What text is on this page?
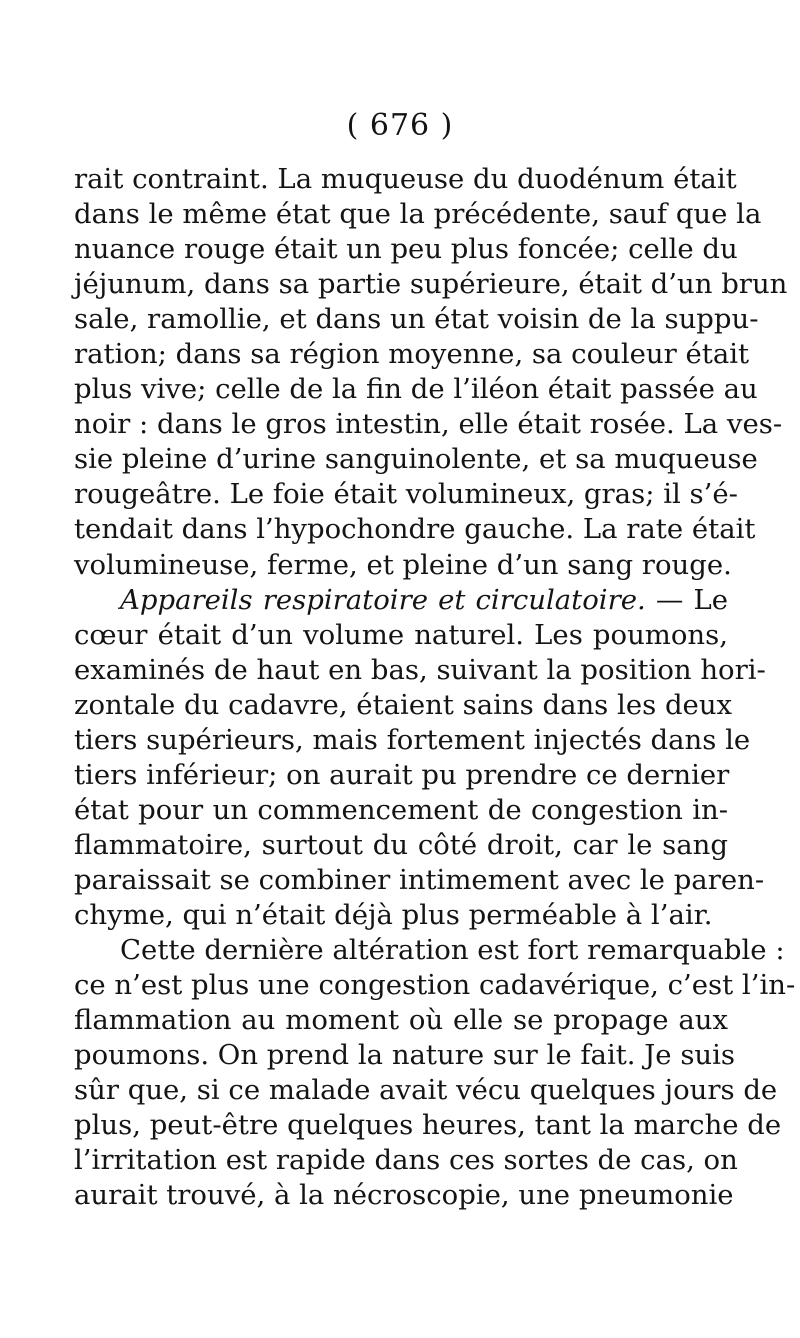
( 676 )
rait contraint. La muqueuse du duodénum était
dans le même état que la précédente, sauf que la
nuance rouge était un peu plus foncée; celle du
jéjunum, dans sa partie supérieure, était d’un brun
sale, ramollie, et dans un état voisin de la suppu-
ration; dans sa région moyenne, sa couleur était
plus vive; celle de la fin de l’iléon était passée au
noir : dans le gros intestin, elle était rosée. La ves-
sie pleine d’urine sanguinolente, et sa muqueuse
rougeâtre. Le foie était volumineux, gras; il s’é-
tendait dans l’hypochondre gauche. La rate était
volumineuse, ferme, et pleine d’un sang rouge.
Appareils respiratoire et circulatoire. — Le
cœur était d’un volume naturel. Les poumons,
examinés de haut en bas, suivant la position hori-
zontale du cadavre, étaient sains dans les deux
tiers supérieurs, mais fortement injectés dans le
tiers inférieur; on aurait pu prendre ce dernier
état pour un commencement de congestion in-
flammatoire, surtout du côté droit, car le sang
paraissait se combiner intimement avec le paren-
chyme, qui n’était déjà plus perméable à l’air.
Cette dernière altération est fort remarquable :
ce n’est plus une congestion cadavérique, c’est l’in-
flammation au moment où elle se propage aux
poumons. On prend la nature sur le fait. Je suis
sûr que, si ce malade avait vécu quelques jours de
plus, peut-être quelques heures, tant la marche de
l’irritation est rapide dans ces sortes de cas, on
aurait trouvé, à la nécroscopie, une pneumonie
